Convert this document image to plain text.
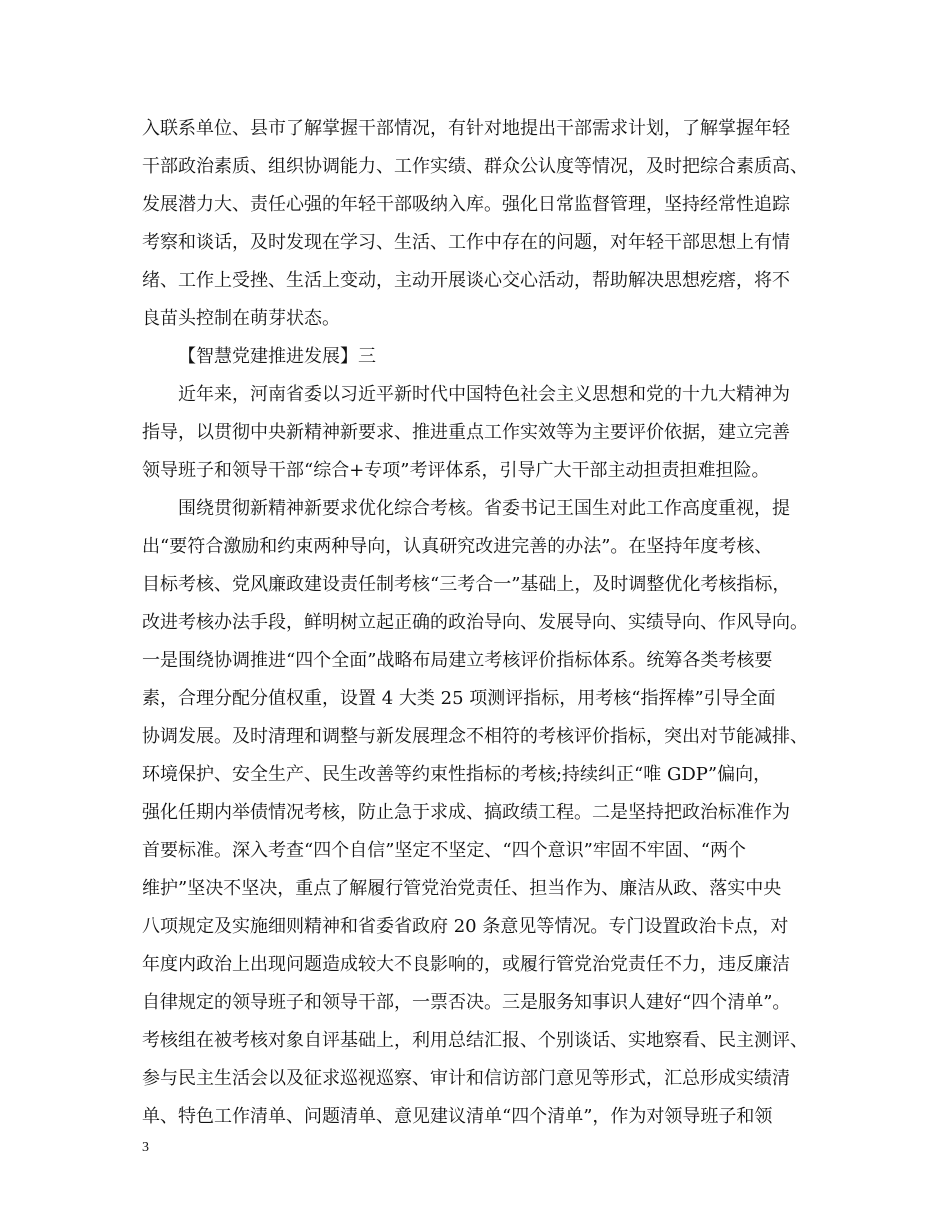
入联系单位、县市了解掌握干部情况，有针对地提出干部需求计划，了解掌握年轻
干部政治素质、组织协调能力、工作实绩、群众公认度等情况，及时把综合素质高、
发展潜力大、责任心强的年轻干部吸纳入库。强化日常监督管理，坚持经常性追踪
考察和谈话，及时发现在学习、生活、工作中存在的问题，对年轻干部思想上有情
绪、工作上受挫、生活上变动，主动开展谈心交心活动，帮助解决思想疙瘩，将不
良苗头控制在萌芽状态。
【智慧党建推进发展】三
近年来，河南省委以习近平新时代中国特色社会主义思想和党的十九大精神为
指导，以贯彻中央新精神新要求、推进重点工作实效等为主要评价依据，建立完善
领导班子和领导干部“综合+专项”考评体系，引导广大干部主动担责担难担险。
围绕贯彻新精神新要求优化综合考核。省委书记王国生对此工作高度重视，提
出“要符合激励和约束两种导向，认真研究改进完善的办法”。在坚持年度考核、
目标考核、党风廉政建设责任制考核“三考合一”基础上，及时调整优化考核指标，
改进考核办法手段，鲜明树立起正确的政治导向、发展导向、实绩导向、作风导向。
一是围绕协调推进“四个全面”战略布局建立考核评价指标体系。统筹各类考核要
素，合理分配分值权重，设置 4 大类 25 项测评指标，用考核“指挥棒”引导全面
协调发展。及时清理和调整与新发展理念不相符的考核评价指标，突出对节能减排、
环境保护、安全生产、民生改善等约束性指标的考核;持续纠正“唯 GDP”偏向，
强化任期内举债情况考核，防止急于求成、搞政绩工程。二是坚持把政治标准作为
首要标准。深入考查“四个自信”坚定不坚定、“四个意识”牢固不牢固、“两个
维护”坚决不坚决，重点了解履行管党治党责任、担当作为、廉洁从政、落实中央
八项规定及实施细则精神和省委省政府 20 条意见等情况。专门设置政治卡点，对
年度内政治上出现问题造成较大不良影响的，或履行管党治党责任不力，违反廉洁
自律规定的领导班子和领导干部，一票否决。三是服务知事识人建好“四个清单”。
考核组在被考核对象自评基础上，利用总结汇报、个别谈话、实地察看、民主测评、
参与民主生活会以及征求巡视巡察、审计和信访部门意见等形式，汇总形成实绩清
单、特色工作清单、问题清单、意见建议清单“四个清单”，作为对领导班子和领
3
